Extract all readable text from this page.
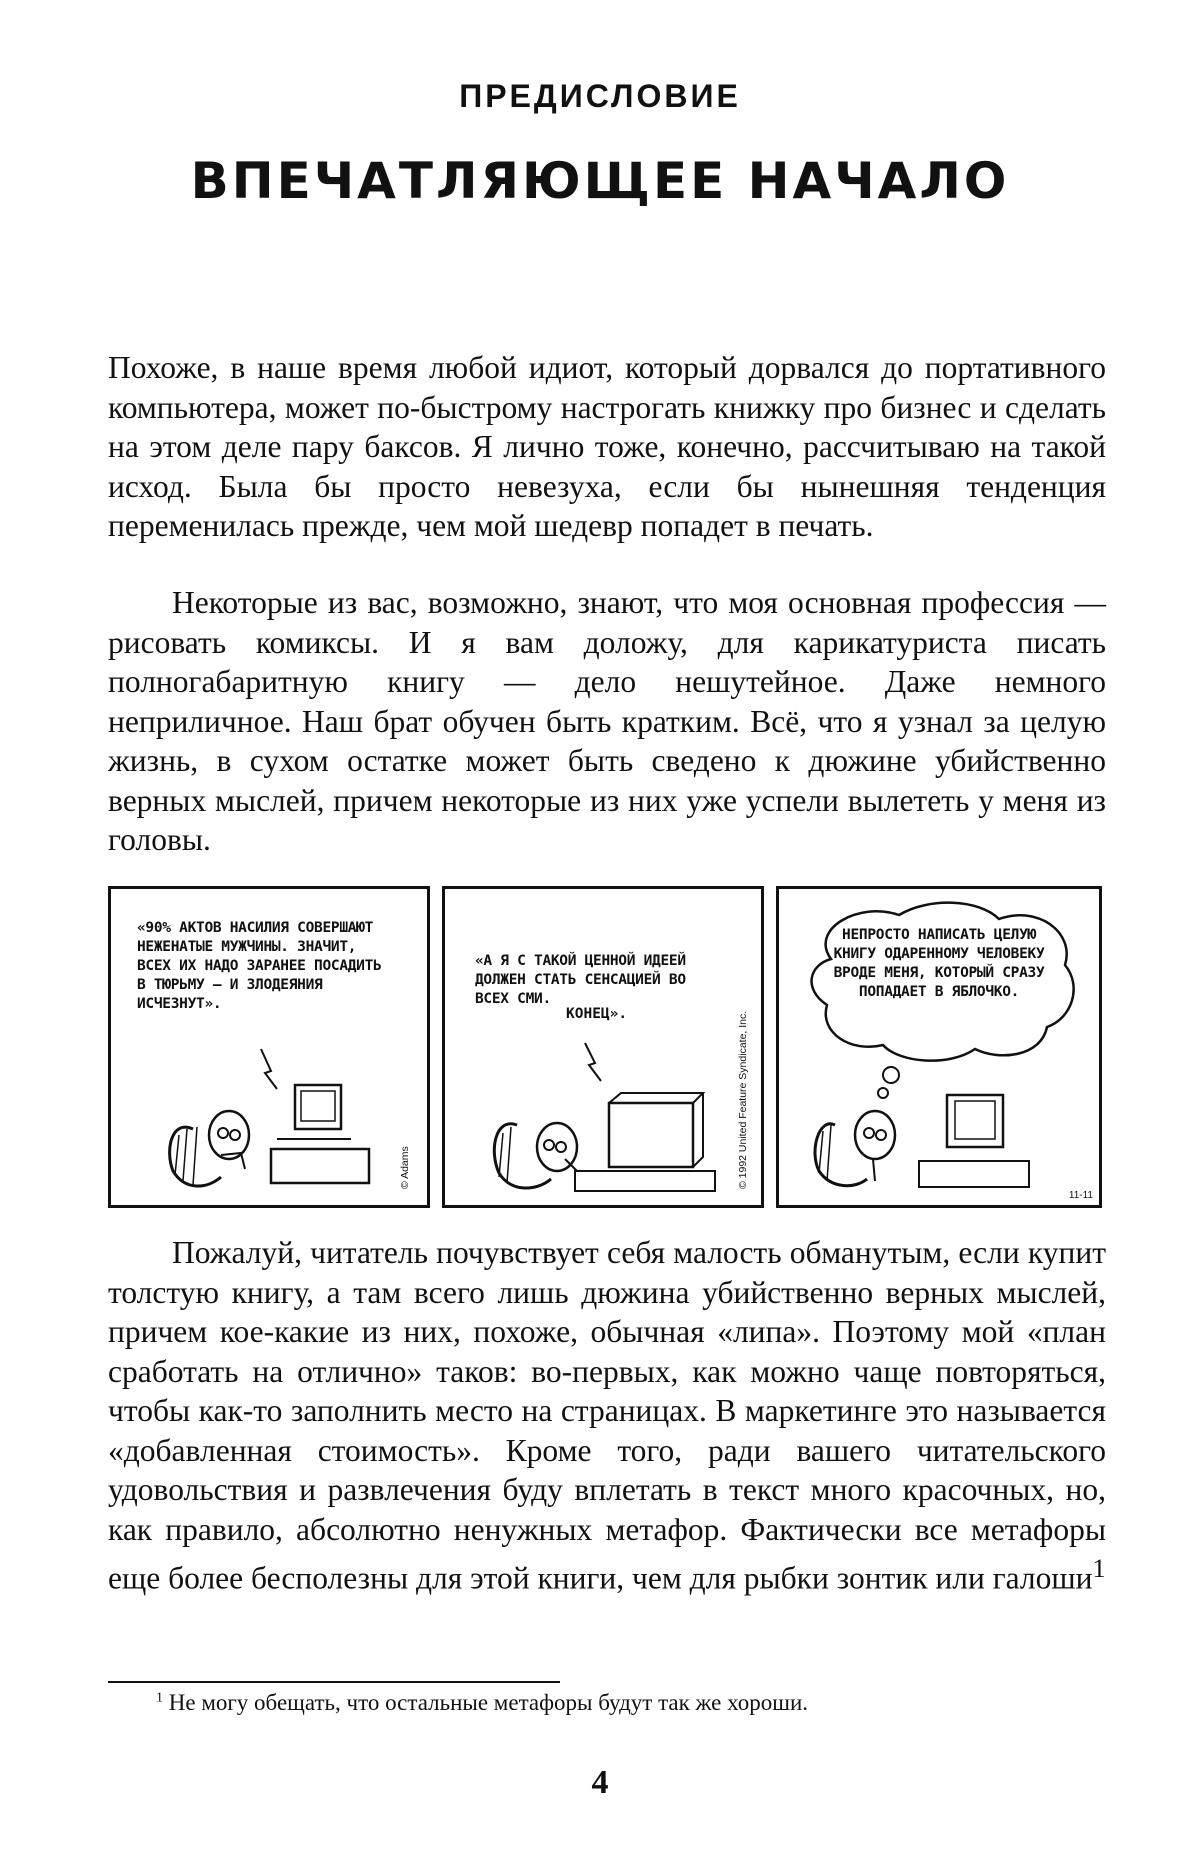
ПРЕДИСЛОВИЕ
ВПЕЧАТЛЯЮЩЕЕ НАЧАЛО

Похоже, в наше время любой идиот, который дорвался до портативного компьютера, может по-быстрому настрогать книжку про бизнес и сделать на этом деле пару баксов. Я лично тоже, конечно, рассчитываю на такой исход. Была бы просто невезуха, если бы нынешняя тенденция переменилась прежде, чем мой шедевр попадет в печать.

Некоторые из вас, возможно, знают, что моя основная профессия — рисовать комиксы. И я вам доложу, для карикатуриста писать полногабаритную книгу — дело нешутейное. Даже немного неприличное. Наш брат обучен быть кратким. Всё, что я узнал за целую жизнь, в сухом остатке может быть сведено к дюжине убийственно верных мыслей, причем некоторые из них уже успели вылететь у меня из головы.

«90% АКТОВ НАСИЛИЯ СОВЕРШАЮТ НЕЖЕНАТЫЕ МУЖЧИНЫ. ЗНАЧИТ, ВСЕХ ИХ НАДО ЗАРАНЕЕ ПОСАДИТЬ В ТЮРЬМУ – И ЗЛОДЕЯНИЯ ИСЧЕЗНУТ».
© Adams
«А Я С ТАКОЙ ЦЕННОЙ ИДЕЕЙ ДОЛЖЕН СТАТЬ СЕНСАЦИЕЙ ВО ВСЕХ СМИ.
КОНЕЦ».	© 1992 United Feature Syndicate, Inc.
НЕПРОСТО НАПИСАТЬ ЦЕЛУЮ КНИГУ ОДАРЕННОМУ ЧЕЛОВЕКУ ВРОДЕ МЕНЯ, КОТОРЫЙ СРАЗУ ПОПАДАЕТ В ЯБЛОЧКО.
11-11

Пожалуй, читатель почувствует себя малость обманутым, если купит толстую книгу, а там всего лишь дюжина убийственно верных мыслей, причем кое-какие из них, похоже, обычная «липа». Поэтому мой «план сработать на отлично» таков: во-первых, как можно чаще повторяться, чтобы как-то заполнить место на страницах. В маркетинге это называется «добавленная стоимость». Кроме того, ради вашего читательского удовольствия и развлечения буду вплетать в текст много красочных, но, как правило, абсолютно ненужных метафор. Фактически все метафоры еще более бесполезны для этой книги, чем для рыбки зонтик или галоши$^1$

$^1$ Не могу обещать, что остальные метафоры будут так же хороши.
4
